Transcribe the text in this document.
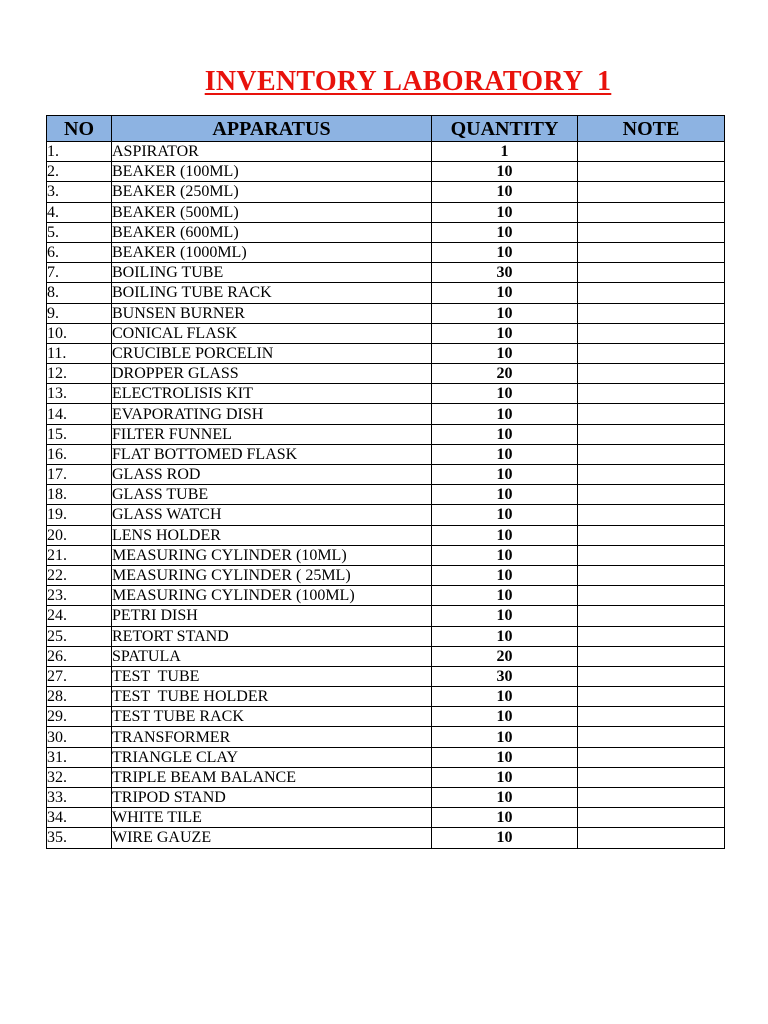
INVENTORY LABORATORY  1
NO	APPARATUS	QUANTITY	NOTE
1.	ASPIRATOR	1	
2.	BEAKER (100ML)	10	
3.	BEAKER (250ML)	10	
4.	BEAKER (500ML)	10	
5.	BEAKER (600ML)	10	
6.	BEAKER (1000ML)	10	
7.	BOILING TUBE	30	
8.	BOILING TUBE RACK	10	
9.	BUNSEN BURNER	10	
10.	CONICAL FLASK	10	
11.	CRUCIBLE PORCELIN	10	
12.	DROPPER GLASS	20	
13.	ELECTROLISIS KIT	10	
14.	EVAPORATING DISH	10	
15.	FILTER FUNNEL	10	
16.	FLAT BOTTOMED FLASK	10	
17.	GLASS ROD	10	
18.	GLASS TUBE	10	
19.	GLASS WATCH	10	
20.	LENS HOLDER	10	
21.	MEASURING CYLINDER (10ML)	10	
22.	MEASURING CYLINDER ( 25ML)	10	
23.	MEASURING CYLINDER (100ML)	10	
24.	PETRI DISH	10	
25.	RETORT STAND	10	
26.	SPATULA	20	
27.	TEST  TUBE	30	
28.	TEST  TUBE HOLDER	10	
29.	TEST TUBE RACK	10	
30.	TRANSFORMER	10	
31.	TRIANGLE CLAY	10	
32.	TRIPLE BEAM BALANCE	10	
33.	TRIPOD STAND	10	
34.	WHITE TILE	10	
35.	WIRE GAUZE	10	
